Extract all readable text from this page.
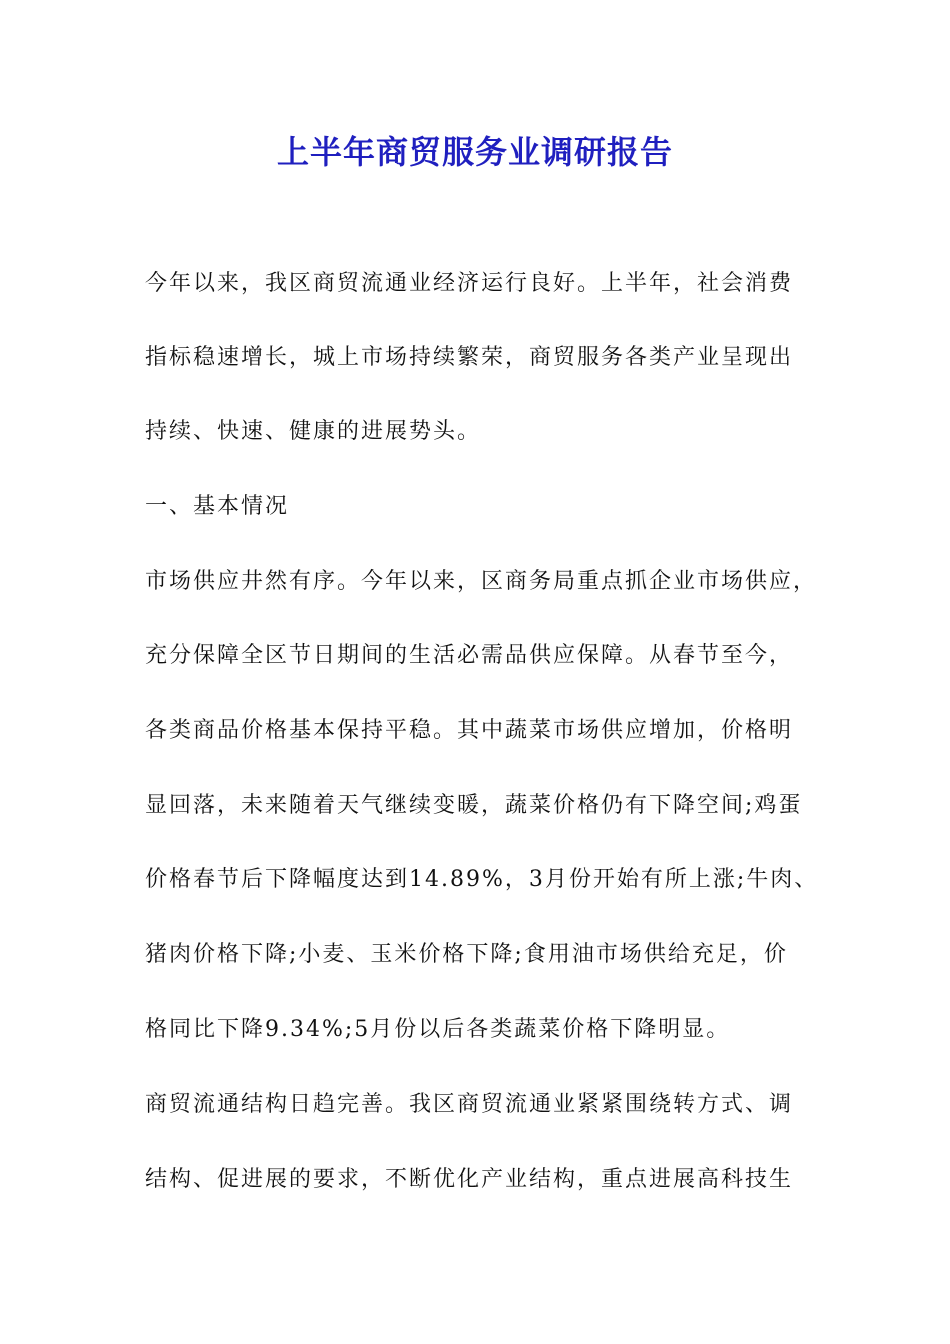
上半年商贸服务业调研报告
今年以来，我区商贸流通业经济运行良好。上半年，社会消费
指标稳速增长，城上市场持续繁荣，商贸服务各类产业呈现出
持续、快速、健康的进展势头。
一、基本情况
市场供应井然有序。今年以来，区商务局重点抓企业市场供应，
充分保障全区节日期间的生活必需品供应保障。从春节至今，
各类商品价格基本保持平稳。其中蔬菜市场供应增加，价格明
显回落，未来随着天气继续变暖，蔬菜价格仍有下降空间;鸡蛋
价格春节后下降幅度达到14.89%，3月份开始有所上涨;牛肉、
猪肉价格下降;小麦、玉米价格下降;食用油市场供给充足，价
格同比下降9.34%;5月份以后各类蔬菜价格下降明显。
商贸流通结构日趋完善。我区商贸流通业紧紧围绕转方式、调
结构、促进展的要求，不断优化产业结构，重点进展高科技生
